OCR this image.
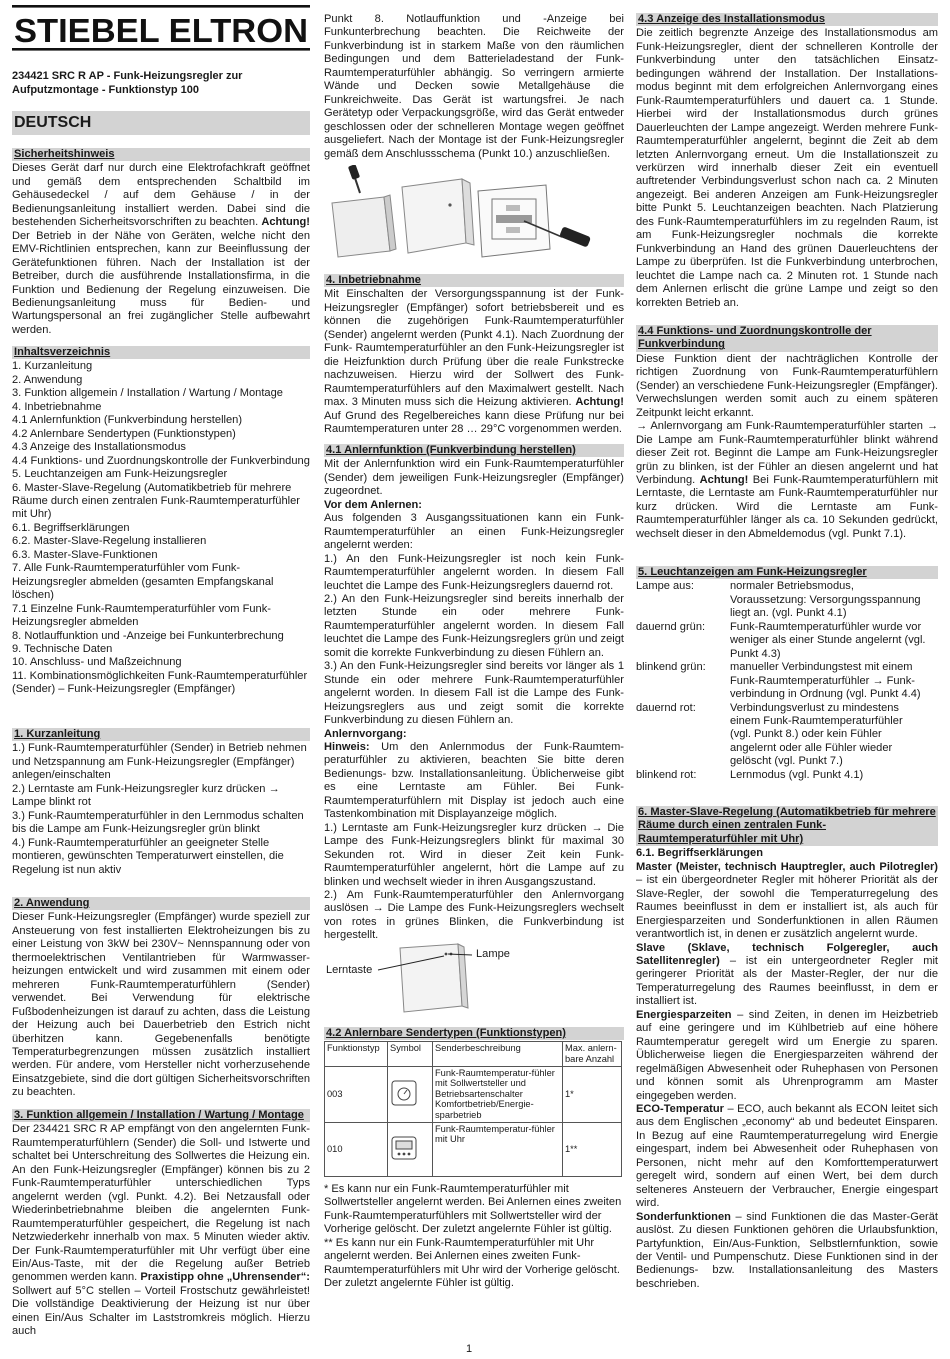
STIEBEL ELTRON
234421 SRC R AP - Funk-Heizungsregler zur
Aufputzmontage - Funktionstyp 100
DEUTSCH

Sicherheitshinweis

Dieses Gerät darf nur durch eine Elektrofachkraft geöffnet und gemäß dem entsprechenden Schaltbild im Gehäusedeckel / auf dem Gehäuse / in der Bedienungsanleitung installiert werden. Dabei sind die bestehenden Sicherheitsvorschriften zu beachten. Achtung! Der Betrieb in der Nähe von Geräten, welche nicht den EMV-Richtlinien entsprechen, kann zur Beeinflussung der Gerätefunktionen führen. Nach der Installation ist der Betreiber, durch die ausführende Installationsfirma, in die Funktion und Bedienung der Regelung einzuweisen. Die Bedienungsanleitung muss für Bedien- und Wartungspersonal an frei zugänglicher Stelle aufbewahrt werden.

Inhaltsverzeichnis

1. Kurzanleitung

2. Anwendung

3. Funktion allgemein / Installation / Wartung / Montage

4. Inbetriebnahme

4.1 Anlernfunktion (Funkverbindung herstellen)

4.2 Anlernbare Sendertypen (Funktionstypen)

4.3 Anzeige des Installationsmodus

4.4 Funktions- und Zuordnungskontrolle der Funkverbindung

5. Leuchtanzeigen am Funk-Heizungsregler

6. Master-Slave-Regelung (Automatikbetrieb für mehrere Räume durch einen zentralen Funk-Raumtemperaturfühler mit Uhr)

6.1. Begriffserklärungen

6.2. Master-Slave-Regelung installieren

6.3. Master-Slave-Funktionen

7. Alle Funk-Raumtemperaturfühler vom Funk-Heizungsregler abmelden (gesamten Empfangskanal löschen)

7.1 Einzelne Funk-Raumtemperaturfühler vom Funk-Heizungsregler abmelden

8. Notlauffunktion und -Anzeige bei Funkunterbrechung

9. Technische Daten

10. Anschluss- und Maßzeichnung

11. Kombinationsmöglichkeiten Funk-Raumtemperaturfühler (Sender) – Funk-Heizungsregler (Empfänger)

1. Kurzanleitung

1.) Funk-Raumtemperaturfühler (Sender) in Betrieb nehmen und Netzspannung am Funk-Heizungsregler (Empfänger) anlegen/einschalten

2.) Lerntaste am Funk-Heizungsregler kurz drücken → Lampe blinkt rot

3.) Funk-Raumtemperaturfühler in den Lernmodus schalten bis die Lampe am Funk-Heizungsregler grün blinkt

4.) Funk-Raumtemperaturfühler an geeigneter Stelle montieren, gewünschten Temperaturwert einstellen, die Regelung ist nun aktiv

2. Anwendung

Dieser Funk-Heizungsregler (Empfänger) wurde speziell zur Ansteuerung von fest installierten Elektroheizungen bis zu einer Leistung von 3kW bei 230V~ Nennspannung oder von thermoelektrischen Ventilantrieben für Warmwasser-heizungen entwickelt und wird zusammen mit einem oder mehreren Funk-Raumtemperaturfühlern (Sender) verwendet. Bei Verwendung für elektrische Fußbodenheizungen ist darauf zu achten, dass die Leistung der Heizung auch bei Dauerbetrieb den Estrich nicht überhitzen kann. Gegebenenfalls benötigte Temperaturbegrenzungen müssen zusätzlich installiert werden. Für andere, vom Hersteller nicht vorherzusehende Einsatzgebiete, sind die dort gültigen Sicherheitsvorschriften zu beachten.

3. Funktion allgemein / Installation / Wartung / Montage

Der 234421 SRC R AP empfängt von den angelernten Funk-Raumtemperaturfühlern (Sender) die Soll- und Istwerte und schaltet bei Unterschreitung des Sollwertes die Heizung ein. An den Funk-Heizungsregler (Empfänger) können bis zu 2 Funk-Raumtemperaturfühler unterschiedlichen Typs angelernt werden (vgl. Punkt. 4.2). Bei Netzausfall oder Wiederinbetriebnahme bleiben die angelernten Funk-Raumtemperaturfühler gespeichert, die Regelung ist nach Netzwiederkehr innerhalb von max. 5 Minuten wieder aktiv. Der Funk-Raumtemperaturfühler mit Uhr verfügt über eine Ein/Aus-Taste, mit der die Regelung außer Betrieb genommen werden kann. Praxistipp ohne „Uhrensender“: Sollwert auf 5°C stellen – Vorteil Frostschutz gewährleistet! Die vollständige Deaktivierung der Heizung ist nur über einen Ein/Aus Schalter im Laststromkreis möglich. Hierzu auch

Punkt 8. Notlauffunktion und -Anzeige bei Funkunterbrechung beachten. Die Reichweite der Funkverbindung ist in starkem Maße von den räumlichen Bedingungen und dem Batterieladestand der Funk-Raumtemperaturfühler abhängig. So verringern armierte Wände und Decken sowie Metallgehäuse die Funkreichweite. Das Gerät ist wartungsfrei. Je nach Gerätetyp oder Verpackungsgröße, wird das Gerät entweder geschlossen oder der schnelleren Montage wegen geöffnet ausgeliefert. Nach der Montage ist der Funk-Heizungsregler gemäß dem Anschlussschema (Punkt 10.) anzuschließen.

4. Inbetriebnahme

Mit Einschalten der Versorgungsspannung ist der Funk-Heizungsregler (Empfänger) sofort betriebsbereit und es können die zugehörigen Funk-Raumtemperaturfühler (Sender) angelernt werden (Punkt 4.1). Nach Zuordnung der Funk- Raumtemperaturfühler an den Funk-Heizungsregler ist die Heizfunktion durch Prüfung über die reale Funkstrecke nachzuweisen. Hierzu wird der Sollwert des Funk-Raumtemperaturfühlers auf den Maximalwert gestellt. Nach max. 3 Minuten muss sich die Heizung aktivieren. Achtung! Auf Grund des Regelbereiches kann diese Prüfung nur bei Raumtemperaturen unter 28 … 29°C vorgenommen werden.

4.1 Anlernfunktion (Funkverbindung herstellen)

Mit der Anlernfunktion wird ein Funk-Raumtemperaturfühler (Sender) dem jeweiligen Funk-Heizungsregler (Empfänger) zugeordnet.

Vor dem Anlernen:

Aus folgenden 3 Ausgangssituationen kann ein Funk-Raumtemperaturfühler an einen Funk-Heizungsregler angelernt werden:

1.) An den Funk-Heizungsregler ist noch kein Funk-Raumtemperaturfühler angelernt worden. In diesem Fall leuchtet die Lampe des Funk-Heizungsreglers dauernd rot.

2.) An den Funk-Heizungsregler sind bereits innerhalb der letzten Stunde ein oder mehrere Funk-Raumtemperaturfühler angelernt worden. In diesem Fall leuchtet die Lampe des Funk-Heizungsreglers grün und zeigt somit die korrekte Funkverbindung zu diesen Fühlern an.

3.) An den Funk-Heizungsregler sind bereits vor länger als 1 Stunde ein oder mehrere Funk-Raumtemperaturfühler angelernt worden. In diesem Fall ist die Lampe des Funk-Heizungsreglers aus und zeigt somit die korrekte Funkverbindung zu diesen Fühlern an.

Anlernvorgang:

Hinweis: Um den Anlernmodus der Funk-Raumtem-peraturfühler zu aktivieren, beachten Sie bitte deren Bedienungs- bzw. Installationsanleitung. Üblicherweise gibt es eine Lerntaste am Fühler. Bei Funk-Raumtemperaturfühlern mit Display ist jedoch auch eine Tastenkombination mit Displayanzeige möglich.

1.) Lerntaste am Funk-Heizungsregler kurz drücken → Die Lampe des Funk-Heizungsreglers blinkt für maximal 30 Sekunden rot. Wird in dieser Zeit kein Funk-Raumtemperaturfühler angelernt, hört die Lampe auf zu blinken und wechselt wieder in ihren Ausgangszustand.

2.) Am Funk-Raumtemperaturfühler den Anlernvorgang auslösen → Die Lampe des Funk-Heizungsreglers wechselt von rotes in grünes Blinken, die Funkverbindung ist hergestellt.

Lampe
Lerntaste

4.2 Anlernbare Sendertypen (Funktionstypen)

Funktionstyp	Symbol	Senderbeschreibung	Max. anlern-bare Anzahl
003		Funk-Raumtemperatur-fühler mit Sollwertsteller und Betriebsartenschalter Komfortbetrieb/Energie-sparbetrieb	1*
010		Funk-Raumtemperatur-fühler mit Uhr	1**

* Es kann nur ein Funk-Raumtemperaturfühler mit Sollwertsteller angelernt werden. Bei Anlernen eines zweiten Funk-Raumtemperaturfühlers mit Sollwertsteller wird der Vorherige gelöscht. Der zuletzt angelernte Fühler ist gültig.

** Es kann nur ein Funk-Raumtemperaturfühler mit Uhr angelernt werden. Bei Anlernen eines zweiten Funk-Raumtemperaturfühlers mit Uhr wird der Vorherige gelöscht. Der zuletzt angelernte Fühler ist gültig.

4.3 Anzeige des Installationsmodus

Die zeitlich begrenzte Anzeige des Installationsmodus am Funk-Heizungsregler, dient der schnelleren Kontrolle der Funkverbindung unter den tatsächlichen Einsatz-bedingungen während der Installation. Der Installations-modus beginnt mit dem erfolgreichen Anlernvorgang eines Funk-Raumtemperaturfühlers und dauert ca. 1 Stunde. Hierbei wird der Installationsmodus durch grünes Dauerleuchten der Lampe angezeigt. Werden mehrere Funk-Raumtemperaturfühler angelernt, beginnt die Zeit ab dem letzten Anlernvorgang erneut. Um die Installationszeit zu verkürzen wird innerhalb dieser Zeit ein eventuell auftretender Verbindungsverlust schon nach ca. 2 Minuten angezeigt. Bei anderen Anzeigen am Funk-Heizungsregler bitte Punkt 5. Leuchtanzeigen beachten. Nach Platzierung des Funk-Raumtemperaturfühlers im zu regelnden Raum, ist am Funk-Heizungsregler nochmals die korrekte Funkverbindung an Hand des grünen Dauerleuchtens der Lampe zu überprüfen. Ist die Funkverbindung unterbrochen, leuchtet die Lampe nach ca. 2 Minuten rot. 1 Stunde nach dem Anlernen erlischt die grüne Lampe und zeigt so den korrekten Betrieb an.

4.4 Funktions- und Zuordnungskontrolle der
Funkverbindung

Diese Funktion dient der nachträglichen Kontrolle der richtigen Zuordnung von Funk-Raumtemperaturfühlern (Sender) an verschiedene Funk-Heizungsregler (Empfänger). Verwechslungen werden somit auch zu einem späteren Zeitpunkt leicht erkannt.

→ Anlernvorgang am Funk-Raumtemperaturfühler starten → Die Lampe am Funk-Raumtemperaturfühler blinkt während dieser Zeit rot. Beginnt die Lampe am Funk-Heizungsregler grün zu blinken, ist der Fühler an diesen angelernt und hat Verbindung. Achtung! Bei Funk-Raumtemperaturfühlern mit Lerntaste, die Lerntaste am Funk-Raumtemperaturfühler nur kurz drücken. Wird die Lerntaste am Funk-Raumtemperaturfühler länger als ca. 10 Sekunden gedrückt, wechselt dieser in den Abmeldemodus (vgl. Punkt 7.1).

5. Leuchtanzeigen am Funk-Heizungsregler

Lampe aus:	normaler Betriebsmodus,
Voraussetzung: Versorgungsspannung
liegt an. (vgl. Punkt 4.1)
dauernd grün:	Funk-Raumtemperaturfühler wurde vor
weniger als einer Stunde angelernt (vgl.
Punkt 4.3)
blinkend grün:	manueller Verbindungstest mit einem
Funk-Raumtemperaturfühler → Funk-
verbindung in Ordnung (vgl. Punkt 4.4)
dauernd rot:	Verbindungsverlust zu mindestens
einem Funk-Raumtemperaturfühler
(vgl. Punkt 8.) oder kein Fühler
angelernt oder alle Fühler wieder
gelöscht (vgl. Punkt 7.)
blinkend rot:	Lernmodus (vgl. Punkt 4.1)
6. Master-Slave-Regelung (Automatikbetrieb für mehrere
Räume durch einen zentralen Funk-
Raumtemperaturfühler mit Uhr)

6.1. Begriffserklärungen

Master (Meister, technisch Hauptregler, auch Pilotregler) – ist ein übergeordneter Regler mit höherer Priorität als der Slave-Regler, der sowohl die Temperaturregelung des Raumes beeinflusst in dem er installiert ist, als auch für Energiesparzeiten und Sonderfunktionen in allen Räumen verantwortlich ist, in denen er zusätzlich angelernt wurde.

Slave (Sklave, technisch Folgeregler, auch Satellitenregler) – ist ein untergeordneter Regler mit geringerer Priorität als der Master-Regler, der nur die Temperaturregelung des Raumes beeinflusst, in dem er installiert ist.

Energiesparzeiten – sind Zeiten, in denen im Heizbetrieb auf eine geringere und im Kühlbetrieb auf eine höhere Raumtemperatur geregelt wird um Energie zu sparen. Üblicherweise liegen die Energiesparzeiten während der regelmäßigen Abwesenheit oder Ruhephasen von Personen und können somit als Uhrenprogramm am Master eingegeben werden.

ECO-Temperatur – ECO, auch bekannt als ECON leitet sich aus dem Englischen „economy“ ab und bedeutet Einsparen. In Bezug auf eine Raumtemperaturregelung wird Energie eingespart, indem bei Abwesenheit oder Ruhephasen von Personen, nicht mehr auf den Komforttemperaturwert geregelt wird, sondern auf einen Wert, bei dem durch selteneres Ansteuern der Verbraucher, Energie eingespart wird.

Sonderfunktionen – sind Funktionen die das Master-Gerät auslöst. Zu diesen Funktionen gehören die Urlaubsfunktion, Partyfunktion, Ein/Aus-Funktion, Selbstlernfunktion, sowie der Ventil- und Pumpenschutz. Diese Funktionen sind in der Bedienungs- bzw. Installationsanleitung des Masters beschrieben.

1
